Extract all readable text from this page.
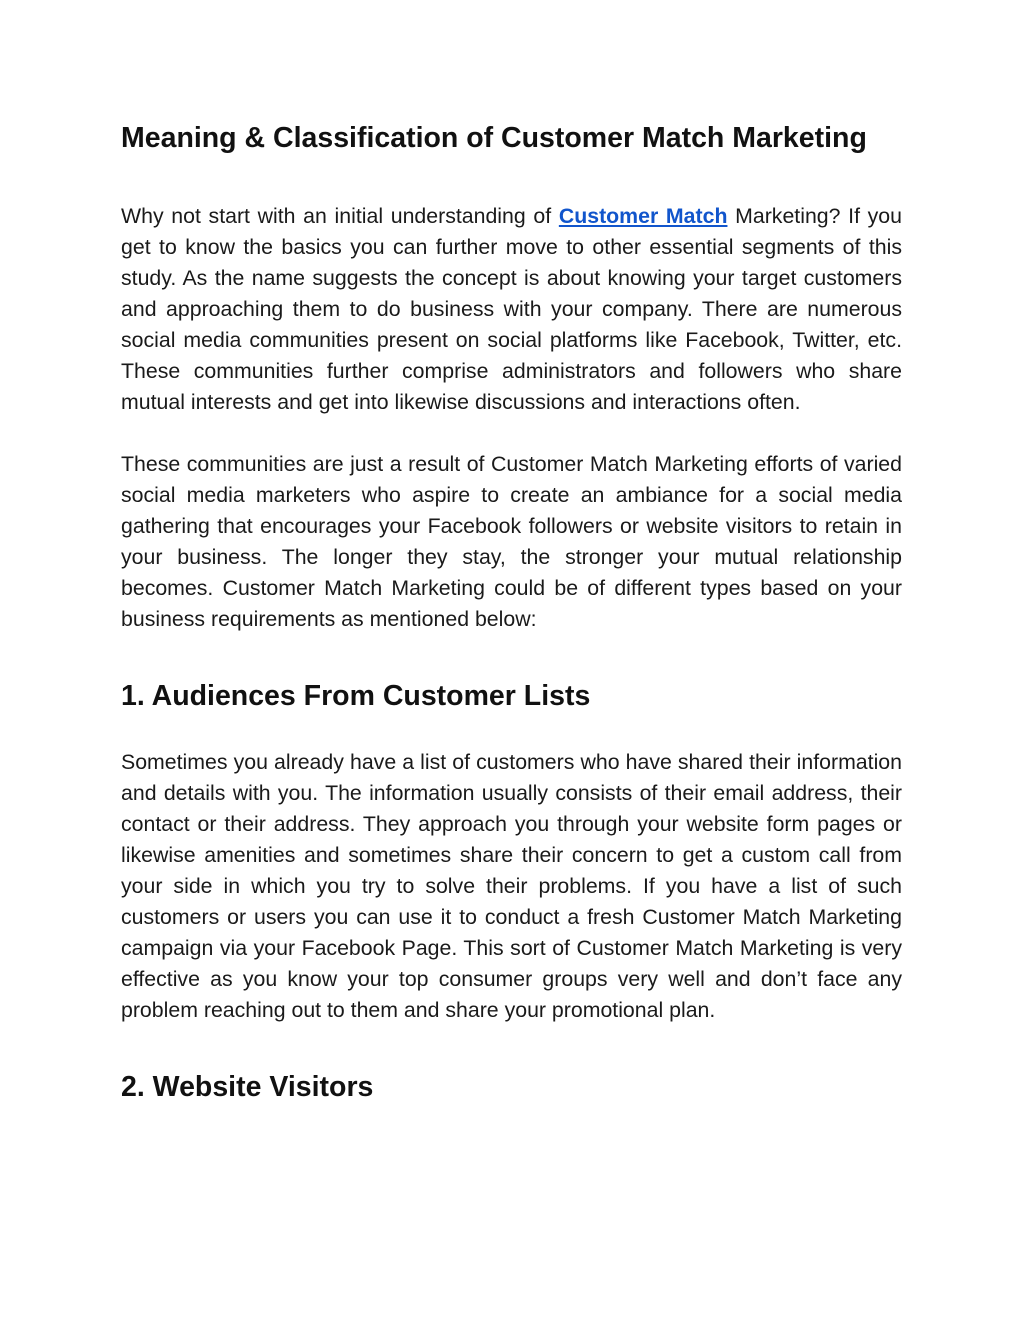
Meaning & Classification of Customer Match Marketing

Why not start with an initial understanding of Customer Match Marketing? If you get to know the basics you can further move to other essential segments of this study. As the name suggests the concept is about knowing your target customers and approaching them to do business with your company. There are numerous social media communities present on social platforms like Facebook, Twitter, etc. These communities further comprise administrators and followers who share mutual interests and get into likewise discussions and interactions often.

These communities are just a result of Customer Match Marketing efforts of varied social media marketers who aspire to create an ambiance for a social media gathering that encourages your Facebook followers or website visitors to retain in your business. The longer they stay, the stronger your mutual relationship becomes. Customer Match Marketing could be of different types based on your business requirements as mentioned below:

1. Audiences From Customer Lists

Sometimes you already have a list of customers who have shared their information and details with you. The information usually consists of their email address, their contact or their address. They approach you through your website form pages or likewise amenities and sometimes share their concern to get a custom call from your side in which you try to solve their problems. If you have a list of such customers or users you can use it to conduct a fresh Customer Match Marketing campaign via your Facebook Page. This sort of Customer Match Marketing is very effective as you know your top consumer groups very well and don’t face any problem reaching out to them and share your promotional plan.

2. Website Visitors
